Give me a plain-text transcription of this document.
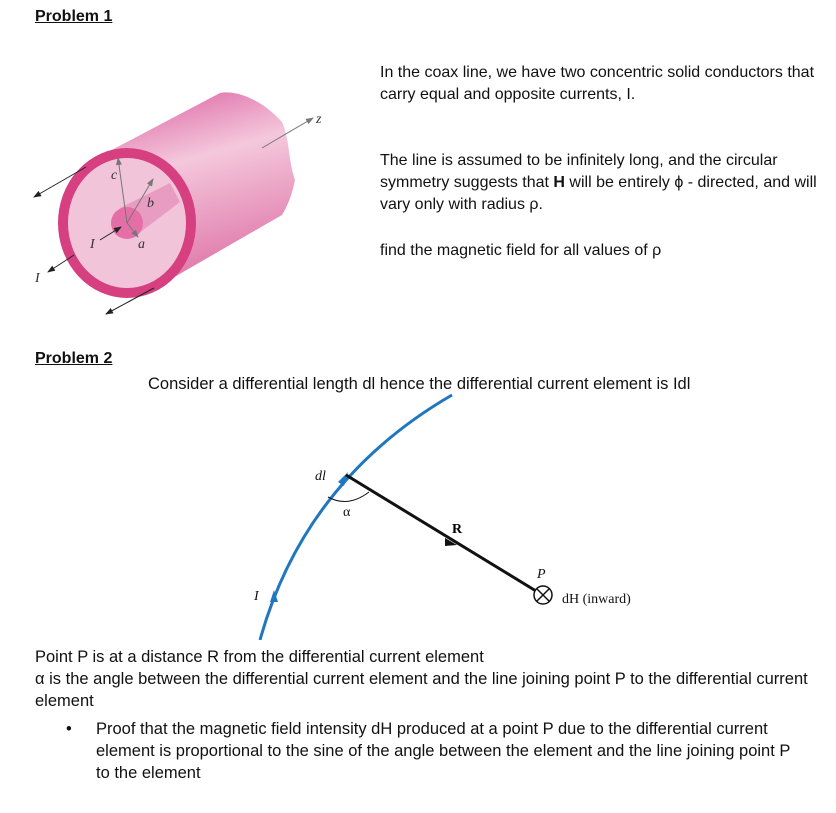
Problem 1
c
b
a
I
I
z
In the coax line, we have two concentric solid conductors that carry equal and opposite currents, I.
The line is assumed to be infinitely long, and the circular symmetry suggests that H will be entirely ϕ - directed, and will vary only with radius ρ.
find the magnetic field for all values of ρ
Problem 2
Consider a differential length dl hence the differential current element is Idl
dl
α
R
P
I	dH (inward)
Point P is at a distance R from the differential current element
α is the angle between the differential current element and the line joining point P to the differential current element
• Proof that the magnetic field intensity dH produced at a point P due to the differential current element is proportional to the sine of the angle between the element and the line joining point P to the element
